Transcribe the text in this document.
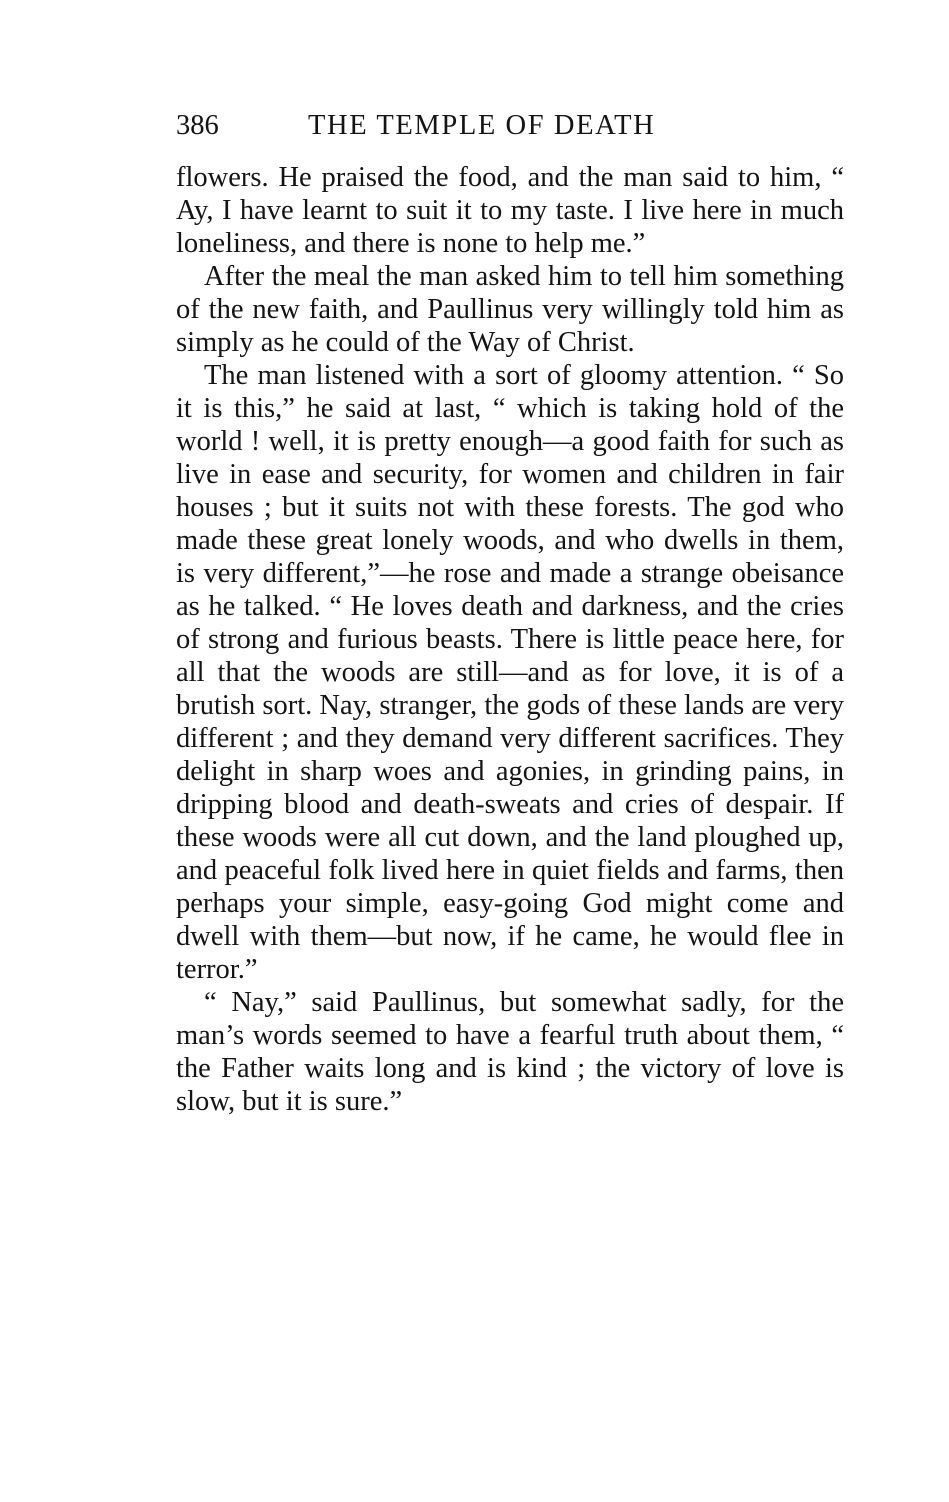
386	THE TEMPLE OF DEATH

flowers. He praised the food, and the man said to him, “ Ay, I have learnt to suit it to my taste. I live here in much loneliness, and there is none to help me.”

After the meal the man asked him to tell him something of the new faith, and Paullinus very willingly told him as simply as he could of the Way of Christ.

The man listened with a sort of gloomy attention. “ So it is this,” he said at last, “ which is taking hold of the world ! well, it is pretty enough—a good faith for such as live in ease and security, for women and children in fair houses ; but it suits not with these forests. The god who made these great lonely woods, and who dwells in them, is very different,”—he rose and made a strange obeisance as he talked. “ He loves death and darkness, and the cries of strong and furious beasts. There is little peace here, for all that the woods are still—and as for love, it is of a brutish sort. Nay, stranger, the gods of these lands are very different ; and they demand very different sacrifices. They delight in sharp woes and agonies, in grinding pains, in dripping blood and death-sweats and cries of despair. If these woods were all cut down, and the land ploughed up, and peaceful folk lived here in quiet fields and farms, then perhaps your simple, easy-going God might come and dwell with them—but now, if he came, he would flee in terror.”

“ Nay,” said Paullinus, but somewhat sadly, for the man’s words seemed to have a fearful truth about them, “ the Father waits long and is kind ; the victory of love is slow, but it is sure.”
